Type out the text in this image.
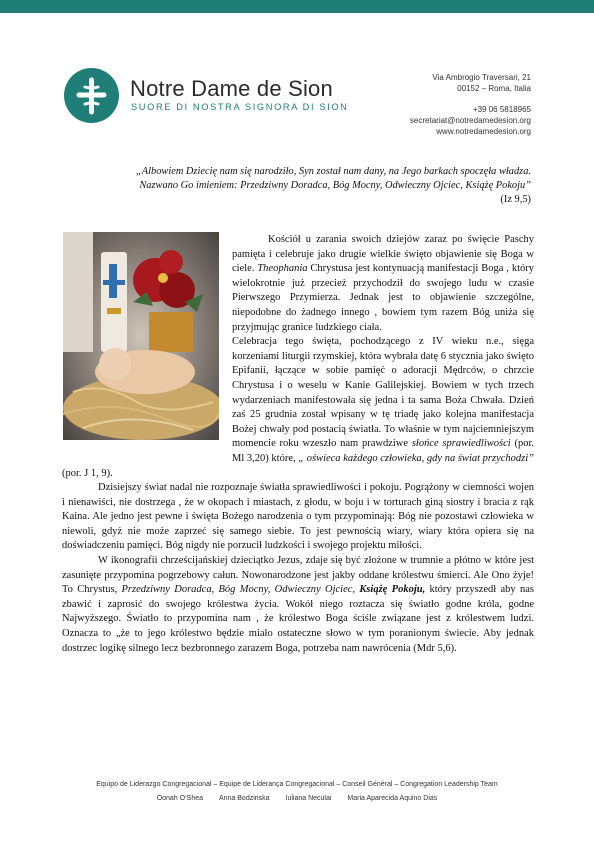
Notre Dame de Sion
SUORE DI NOSTRA SIGNORA DI SION
Via Ambrogio Traversari, 21
00152 – Roma, Italia
+39 06 5818965
secretariat@notredamedesion.org
www.notredamedesion.org
„Albowiem Dziecię nam się narodziło, Syn został nam dany, na Jego barkach spoczęła władza.
Nazwano Go imieniem: Przedziwny Doradca, Bóg Mocny, Odwieczny Ojciec, Książę Pokoju”
(Iz 9,5)

Kościół u zarania swoich dziejów zaraz po święcie Paschy pamięta i celebruje jako drugie wielkie święto objawienie się Boga w ciele. Theophania Chrystusa jest kontynuacją manifestacji Boga , który wielokrotnie już przecież przychodził do swojego ludu w czasie Pierwszego Przymierza. Jednak jest to objawienie szczególne, niepodobne do żadnego innego , bowiem tym razem Bóg uniża się przyjmując granice ludzkiego ciała.

Celebracja tego święta, pochodzącego z IV wieku n.e., sięga korzeniami liturgii rzymskiej, która wybrała datę 6 stycznia jako święto Epifanii, łączące w sobie pamięć o adoracji Mędrców, o chrzcie Chrystusa i o weselu w Kanie Galilejskiej. Bowiem w tych trzech wydarzeniach manifestowała się jedna i ta sama Boża Chwała. Dzień zaś 25 grudnia został wpisany w tę triadę jako kolejna manifestacja Bożej chwały pod postacią światła. To właśnie w tym najciemniejszym momencie roku wzeszło nam prawdziwe słońce sprawiedliwości (por. Ml 3,20) które, „ oświeca każdego człowieka, gdy na świat przychodzi” (por. J 1, 9).

Dzisiejszy świat nadal nie rozpoznaje światła sprawiedliwości i pokoju. Pogrążony w ciemności wojen i nienawiści, nie dostrzega , że w okopach i miastach, z głodu, w boju i w torturach giną siostry i bracia z rąk Kaina. Ale jedno jest pewne i święta Bożego narodzenia o tym przypominają: Bóg nie pozostawi człowieka w niewoli, gdyż nie może zaprzeć się samego siebie. To jest pewnością wiary, wiary która opiera się na doświadczeniu pamięci. Bóg nigdy nie porzucił ludzkości i swojego projektu miłości.

W ikonografii chrześcijańskiej dzieciątko Jezus, zdaje się być złożone w trumnie a płótno w które jest zasunięte przypomina pogrzebowy całun. Nowonarodzone jest jakby oddane królestwu śmierci. Ale Ono żyje! To Chrystus, Przedziwny Doradca, Bóg Mocny, Odwieczny Ojciec, Książę Pokoju, który przyszedł aby nas zbawić i zaprosić do swojego królestwa życia. Wokół niego roztacza się światło godne króla, godne Najwyższego. Światło to przypomina nam , że królestwo Boga ściśle związane jest z królestwem ludzi. Oznacza to „że to jego królestwo będzie miało ostateczne słowo w tym poranionym świecie. Aby jednak dostrzec logikę silnego lecz bezbronnego zarazem Boga, potrzeba nam nawrócenia (Mdr 5,6).

Equipo de Liderazgo Congregacional – Equipe de Liderança Congregacional – Conseil Général – Congregation Leadership Team
Oonah O’Shea Anna Bodzinska Iuliana Neculai Maria Aparecida Aquino Dias
